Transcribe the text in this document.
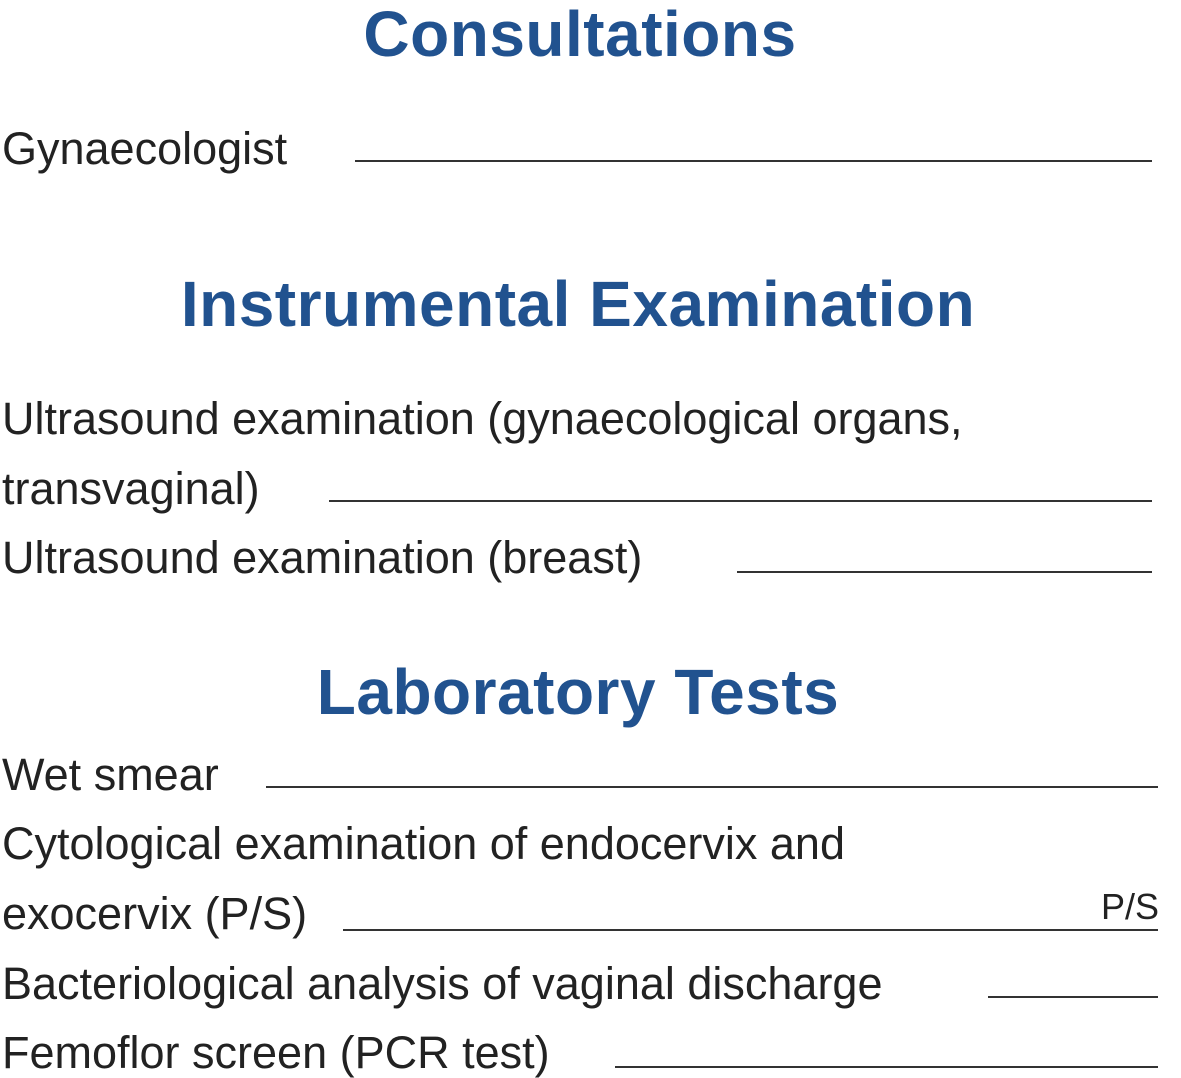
Consultations
Gynaecologist
Instrumental Examination
Ultrasound examination (gynaecological organs,
transvaginal)
Ultrasound examination (breast)
Laboratory Tests
Wet smear
Cytological examination of endocervix and
exocervix (P/S)	P/S
Bacteriological analysis of vaginal discharge
Femoflor screen (PCR test)
